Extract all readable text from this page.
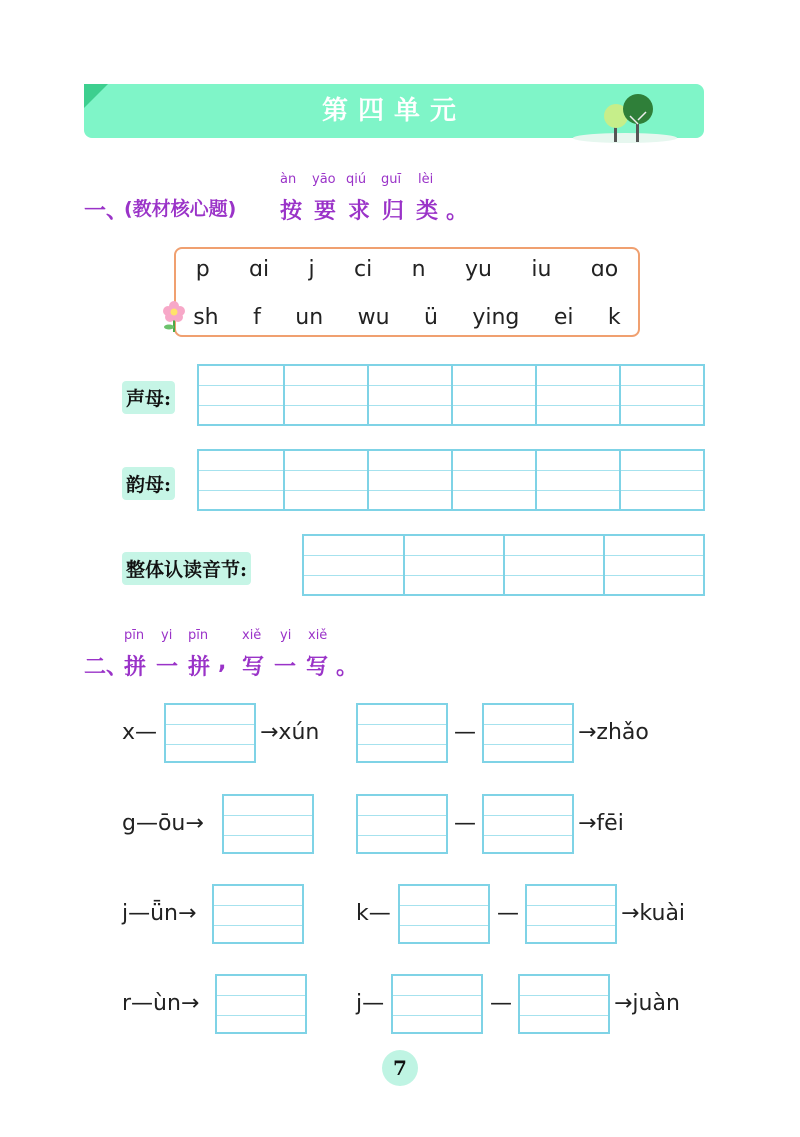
第四单元
一、
(教材核心题)
àn yāo qiú guī lèi
按 要 求 归 类 。
p ɑi j ci n yu iu ɑo
sh f un wu ü ying ei k
声母:
韵母:
整体认读音节:
二、
pīn yi pīn	xiě yi xiě
拼 一 拼 , 写 一 写 。
x—	→xún	—	→zhǎo
g—ōu→	—	→fēi
j—ǖn→	k—	—	→kuài
r—ùn→	j—	—	→juàn
7
